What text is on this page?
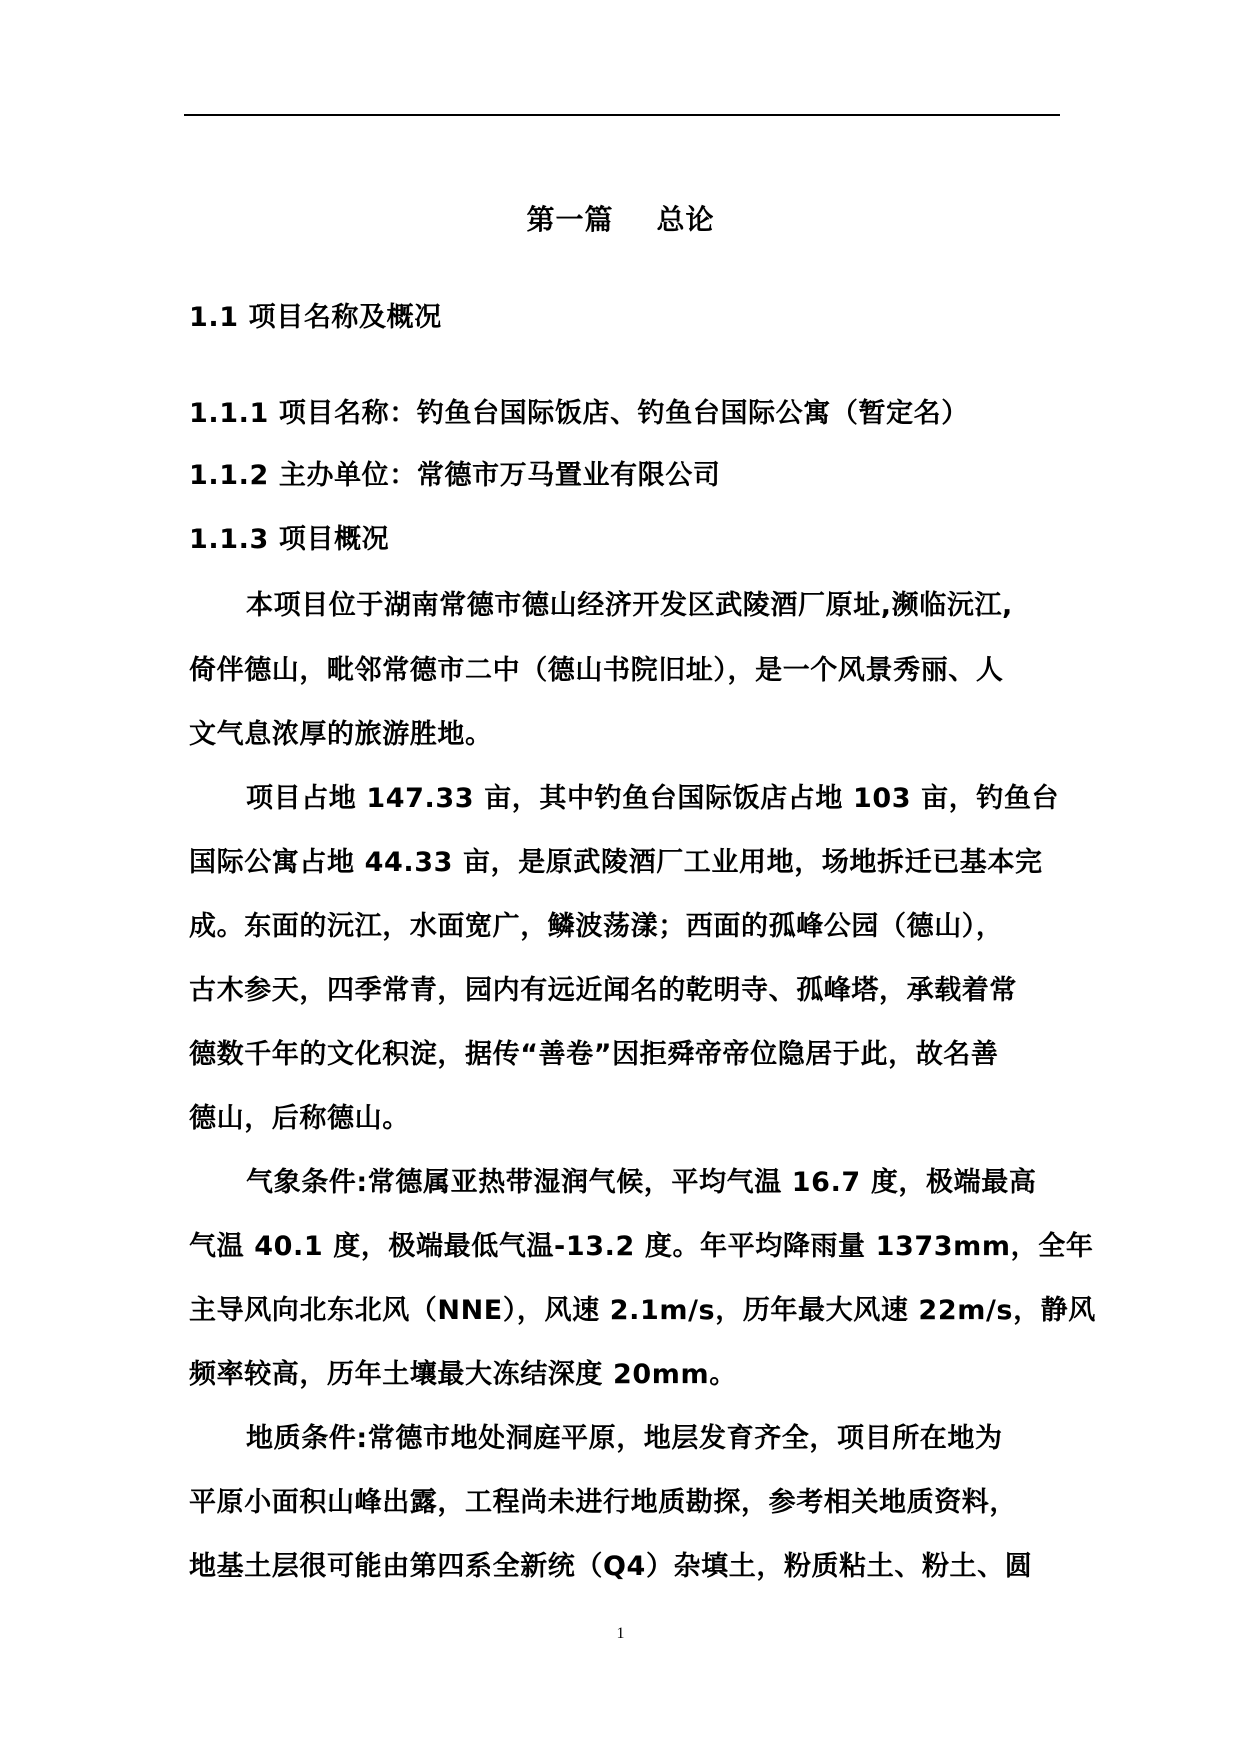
第一篇    总论
1.1 项目名称及概况
1.1.1 项目名称：钓鱼台国际饭店、钓鱼台国际公寓（暂定名）
1.1.2 主办单位：常德市万马置业有限公司
1.1.3 项目概况
本项目位于湖南常德市德山经济开发区武陵酒厂原址,濒临沅江,
倚伴德山，毗邻常德市二中（德山书院旧址），是一个风景秀丽、人
文气息浓厚的旅游胜地。
项目占地 147.33 亩，其中钓鱼台国际饭店占地 103 亩，钓鱼台
国际公寓占地 44.33 亩，是原武陵酒厂工业用地，场地拆迁已基本完
成。东面的沅江，水面宽广，鳞波荡漾；西面的孤峰公园（德山），
古木参天，四季常青，园内有远近闻名的乾明寺、孤峰塔，承载着常
德数千年的文化积淀，据传“善卷”因拒舜帝帝位隐居于此，故名善
德山，后称德山。
气象条件:常德属亚热带湿润气候，平均气温 16.7 度，极端最高
气温 40.1 度，极端最低气温-13.2 度。年平均降雨量 1373mm，全年
主导风向北东北风（NNE），风速 2.1m/s，历年最大风速 22m/s，静风
频率较高，历年土壤最大冻结深度 20mm。
地质条件:常德市地处洞庭平原，地层发育齐全，项目所在地为
平原小面积山峰出露，工程尚未进行地质勘探，参考相关地质资料，
地基土层很可能由第四系全新统（Q4）杂填土，粉质粘土、粉土、圆
1
